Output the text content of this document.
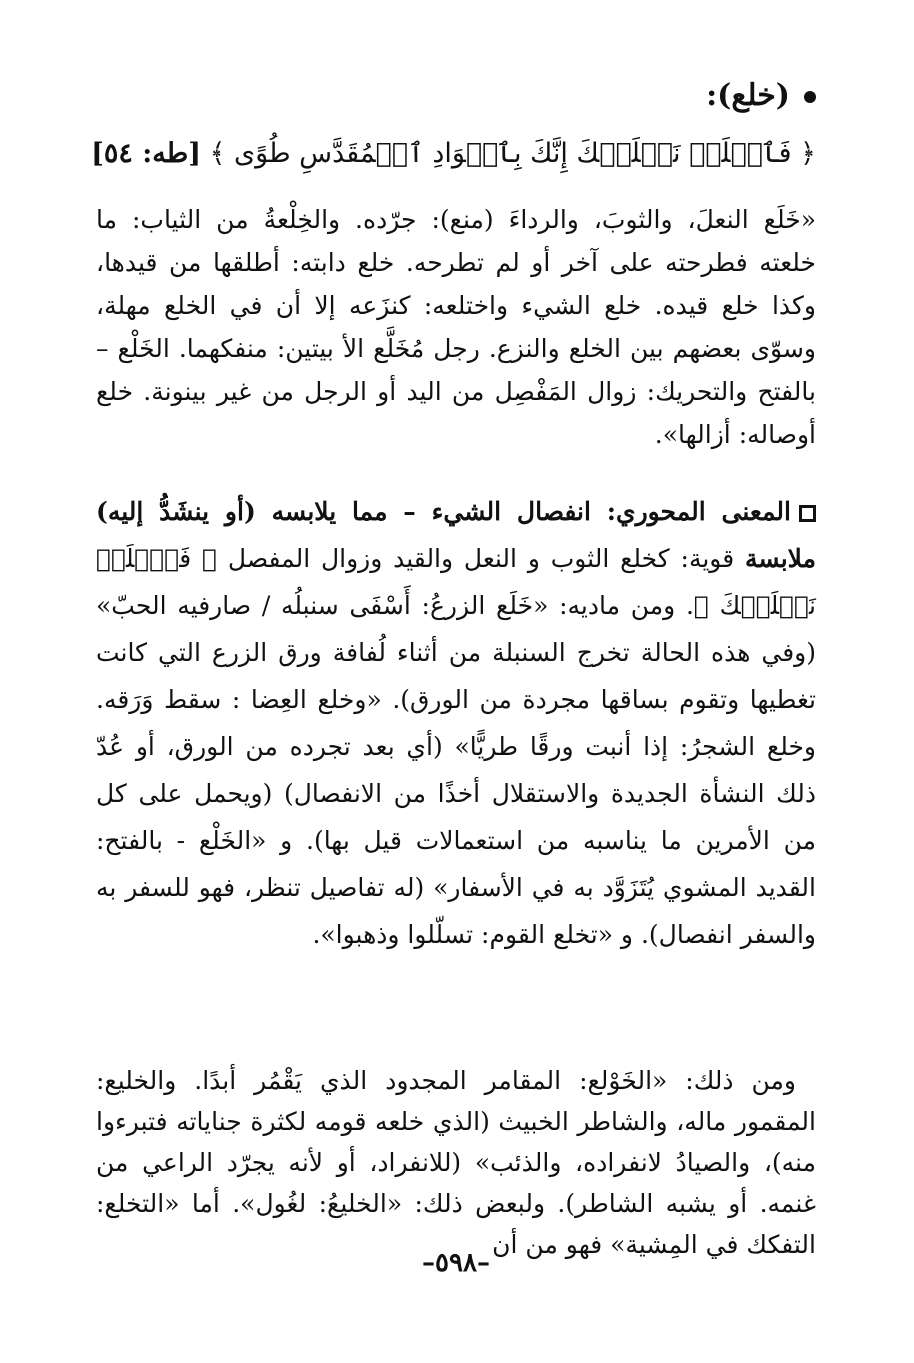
(خلع):
﴿ فَٱخۡلَعۡ نَعۡلَيۡكَ إِنَّكَ بِٱلۡوَادِ ٱلۡمُقَدَّسِ طُوًى ﴾ [طه: ٥٤]

«خَلَع النعلَ، والثوبَ، والرداءَ (منع): جرّده. والخِلْعةُ من الثياب: ما خلعته فطرحته على آخر أو لم تطرحه. خلع دابته: أطلقها من قيدها، وكذا خلع قيده. خلع الشيء واختلعه: كنزَعه إلا أن في الخلع مهلة، وسوّى بعضهم بين الخلع والنزع. رجل مُخَلَّع الأ بيتين: منفكهما. الخَلْع – بالفتح والتحريك: زوال المَفْصِل من اليد أو الرجل من غير بينونة. خلع أوصاله: أزالها».

المعنى المحوري: انفصال الشيء – مما يلابسه (أو ينشَدُّ إليه) ملابسة قوية: كخلع الثوب و النعل والقيد وزوال المفصل ﴿ فَٱخۡلَعۡ نَعۡلَيۡكَ ﴾. ومن ماديه: «خَلَع الزرعُ: أَسْفَى سنبلُه / صارفيه الحبّ» (وفي هذه الحالة تخرج السنبلة من أثناء لُفافة ورق الزرع التي كانت تغطيها وتقوم بساقها مجردة من الورق). «وخلع العِضا : سقط وَرَقه. وخلع الشجرُ: إذا أنبت ورقًا طريًّا» (أي بعد تجرده من الورق، أو عُدّ ذلك النشأة الجديدة والاستقلال أخذًا من الانفصال) (ويحمل على كل من الأمرين ما يناسبه من استعمالات قيل بها). و «الخَلْع - بالفتح: القديد المشوي يُتَزَوَّد به في الأسفار» (له تفاصيل تنظر، فهو للسفر به والسفر انفصال). و «تخلع القوم: تسلّلوا وذهبوا».

ومن ذلك: «الخَوْلع: المقامر المجدود الذي يَقْمُر أبدًا. والخليع: المقمور ماله، والشاطر الخبيث (الذي خلعه قومه لكثرة جناياته فتبرءوا منه)، والصيادُ لانفراده، والذئب» (للانفراد، أو لأنه يجرّد الراعي من غنمه. أو يشبه الشاطر). ولبعض ذلك: «الخليعُ: لغُول». أما «التخلع: التفكك في المِشية» فهو من أن

–٥٩٨–
